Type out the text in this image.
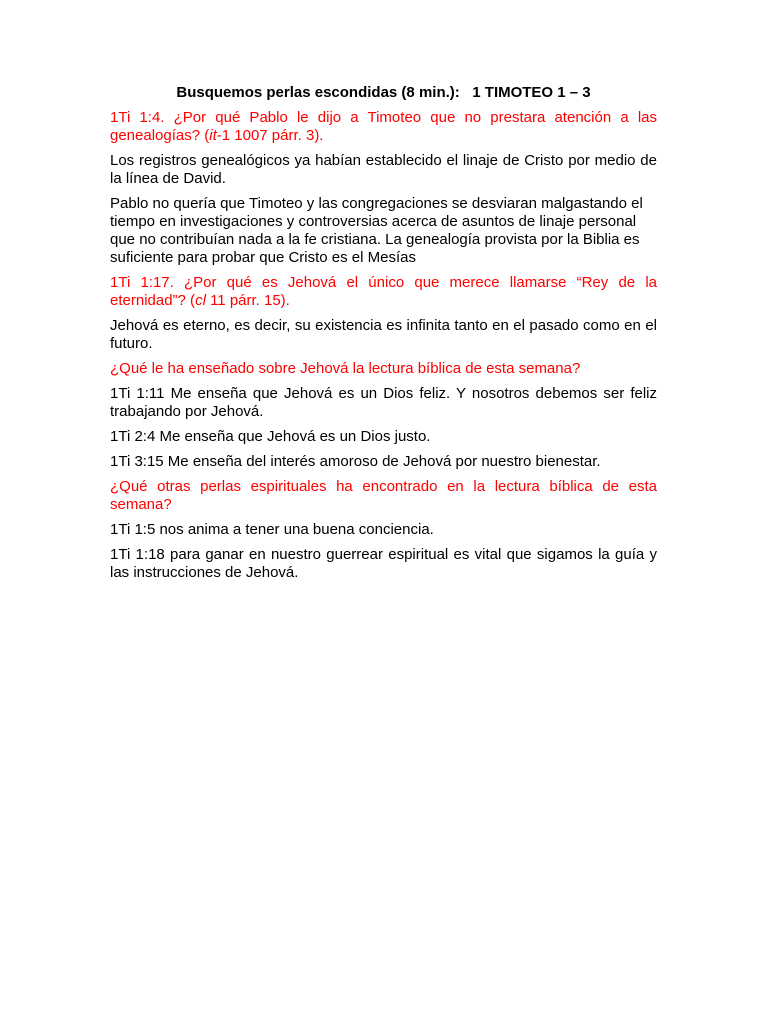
Busquemos perlas escondidas (8 min.):   1 TIMOTEO 1 – 3

1Ti 1:4. ¿Por qué Pablo le dijo a Timoteo que no prestara atención a las genealogías? (it-1 1007 párr. 3).

Los registros genealógicos ya habían establecido el linaje de Cristo por medio de la línea de David.

Pablo no quería que Timoteo y las congregaciones se desviaran malgastando el tiempo en investigaciones y controversias acerca de asuntos de linaje personal que no contribuían nada a la fe cristiana. La genealogía provista por la Biblia es suficiente para probar que Cristo es el Mesías

1Ti 1:17. ¿Por qué es Jehová el único que merece llamarse “Rey de la eternidad”? (cl 11 párr. 15).

Jehová es eterno, es decir, su existencia es infinita tanto en el pasado como en el futuro.

¿Qué le ha enseñado sobre Jehová la lectura bíblica de esta semana?

1Ti 1:11 Me enseña que Jehová es un Dios feliz. Y nosotros debemos ser feliz trabajando por Jehová.

1Ti 2:4 Me enseña que Jehová es un Dios justo.

1Ti 3:15 Me enseña del interés amoroso de Jehová por nuestro bienestar.

¿Qué otras perlas espirituales ha encontrado en la lectura bíblica de esta semana?

1Ti 1:5 nos anima a tener una buena conciencia.

1Ti 1:18 para ganar en nuestro guerrear espiritual es vital que sigamos la guía y las instrucciones de Jehová.
